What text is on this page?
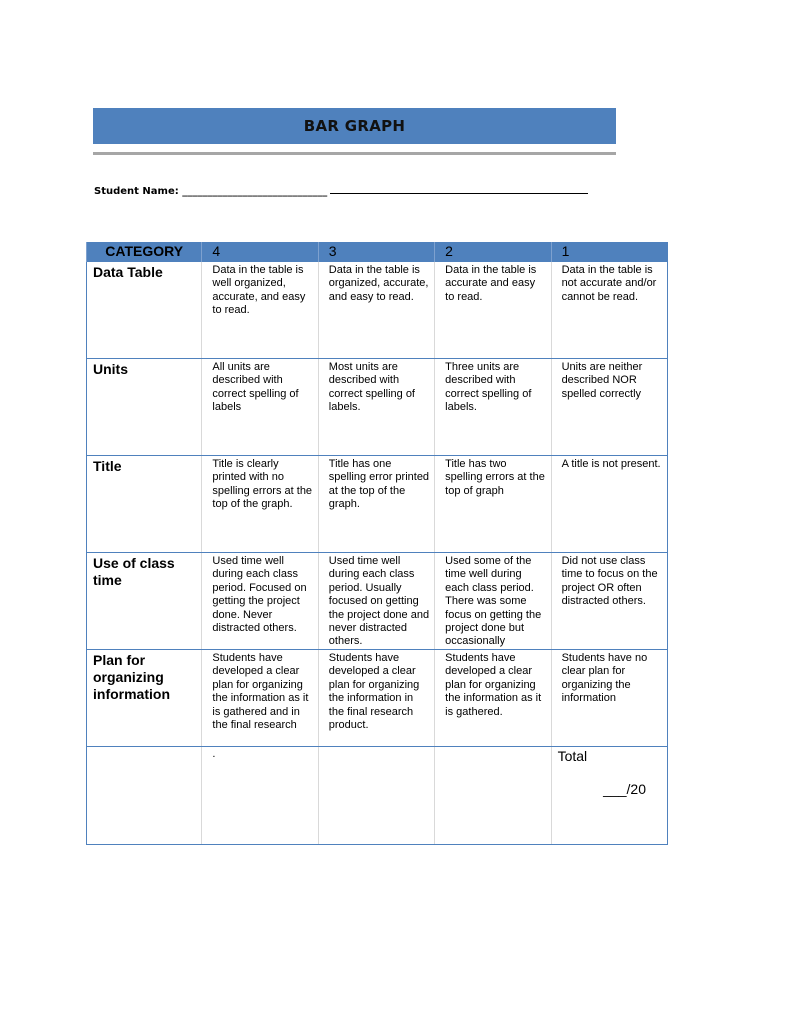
BAR GRAPH
Student Name: _____________________________
CATEGORY	4	3	2	1

Data Table	Data in the table is well organized, accurate, and easy to read.	Data in the table is organized, accurate, and easy to read.	Data in the table is accurate and easy to read.	Data in the table is not accurate and/or cannot be read.

Units	All units are described with correct spelling of labels	Most units are described with correct spelling of labels.	Three units are described with correct spelling of labels.	Units are neither described NOR spelled correctly

Title	Title is clearly printed with no spelling errors at the top of the graph.	Title has one spelling error printed at the top of the graph.	Title has two spelling errors at the top of graph	A title is not present.

Use of class time	Used time well during each class period. Focused on getting the project done. Never distracted others.	Used time well during each class period. Usually focused on getting the project done and never distracted others.	Used some of the time well during each class period. There was some focus on getting the project done but occasionally	Did not use class time to focus on the project OR often distracted others.

Plan for organizing information	Students have developed a clear plan for organizing the information as it is gathered and in the final research	Students have developed a clear plan for organizing the information in the final research product.	Students have developed a clear plan for organizing the information as it is gathered.	Students have no clear plan for organizing the information

	.			Total
___/20
